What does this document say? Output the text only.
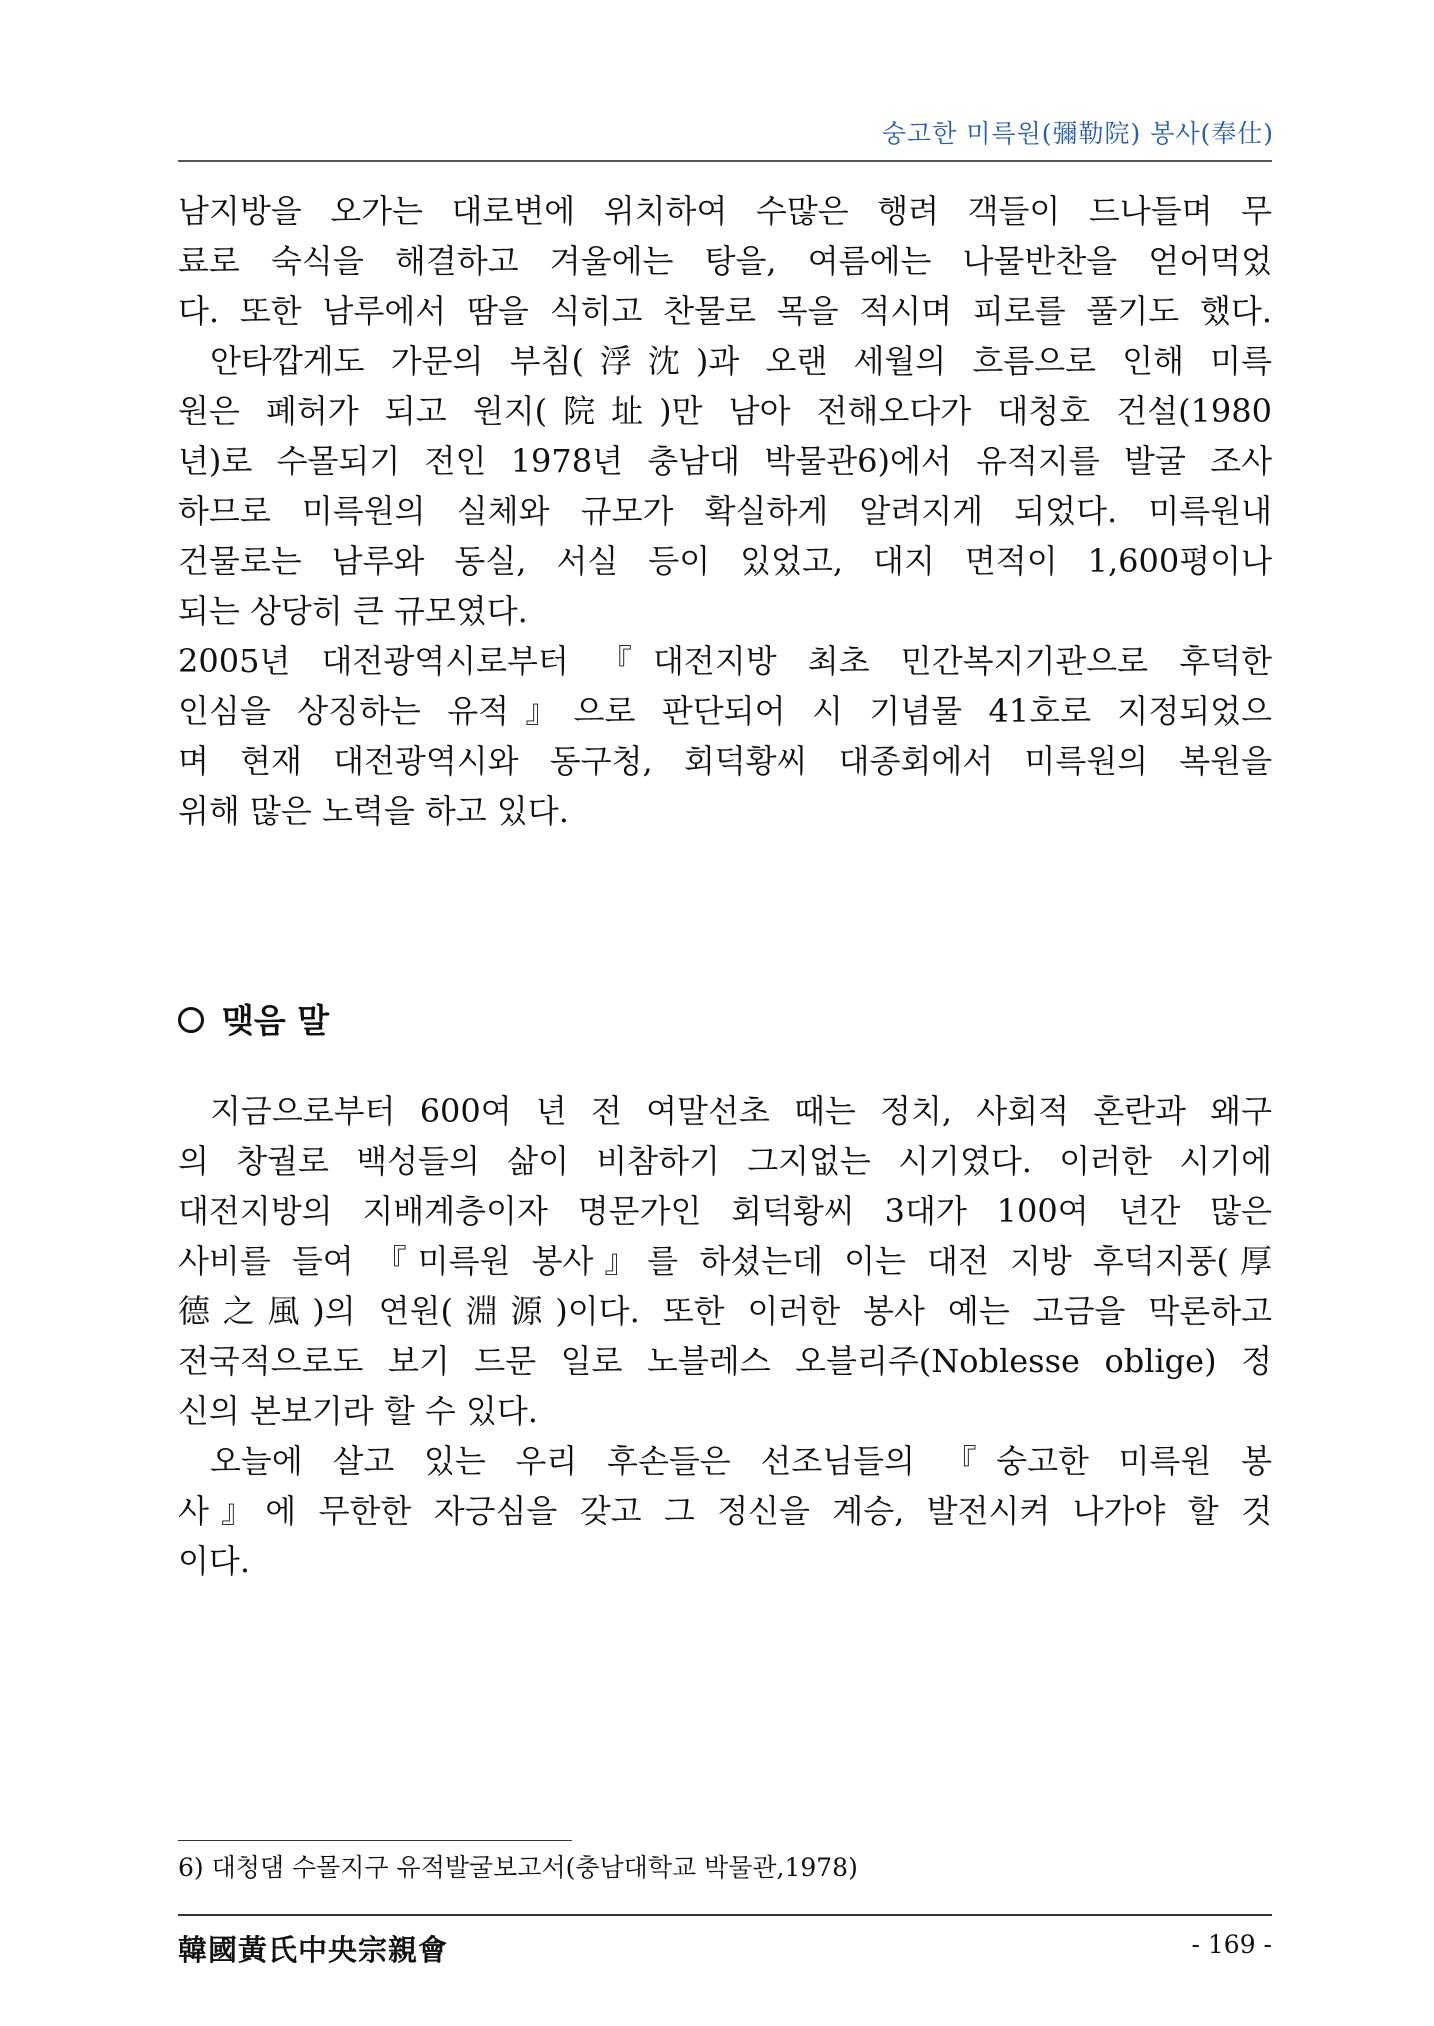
숭고한 미륵원(彌勒院) 봉사(奉仕)
남지방을 오가는 대로변에 위치하여 수많은 행려 객들이 드나들며 무
료로 숙식을 해결하고 겨울에는 탕을, 여름에는 나물반찬을 얻어먹었
다. 또한 남루에서 땀을 식히고 찬물로 목을 적시며 피로를 풀기도 했다.
안타깝게도 가문의 부침(浮沈)과 오랜 세월의 흐름으로 인해 미륵
원은 폐허가 되고 원지(院址)만 남아 전해오다가 대청호 건설(1980
년)로 수몰되기 전인 1978년 충남대 박물관6)에서 유적지를 발굴 조사
하므로 미륵원의 실체와 규모가 확실하게 알려지게 되었다. 미륵원내
건물로는 남루와 동실, 서실 등이 있었고, 대지 면적이 1,600평이나
되는 상당히 큰 규모였다.
2005년 대전광역시로부터 『대전지방 최초 민간복지기관으로 후덕한
인심을 상징하는 유적』으로 판단되어 시 기념물 41호로 지정되었으
며 현재 대전광역시와 동구청, 회덕황씨 대종회에서 미륵원의 복원을
위해 많은 노력을 하고 있다.
지금으로부터 600여 년 전 여말선초 때는 정치, 사회적 혼란과 왜구
의 창궐로 백성들의 삶이 비참하기 그지없는 시기였다. 이러한 시기에
대전지방의 지배계층이자 명문가인 회덕황씨 3대가 100여 년간 많은
사비를 들여 『미륵원 봉사』를 하셨는데 이는 대전 지방 후덕지풍(厚
德之風)의 연원(淵源)이다. 또한 이러한 봉사 예는 고금을 막론하고
전국적으로도 보기 드문 일로 노블레스 오블리주(Noblesse oblige) 정
신의 본보기라 할 수 있다.
오늘에 살고 있는 우리 후손들은 선조님들의 『숭고한 미륵원 봉
사』에 무한한 자긍심을 갖고 그 정신을 계승, 발전시켜 나가야 할 것
이다.
맺음 말
6) 대청댐 수몰지구 유적발굴보고서(충남대학교 박물관,1978)
韓國黃氏中央宗親會	- 169 -
